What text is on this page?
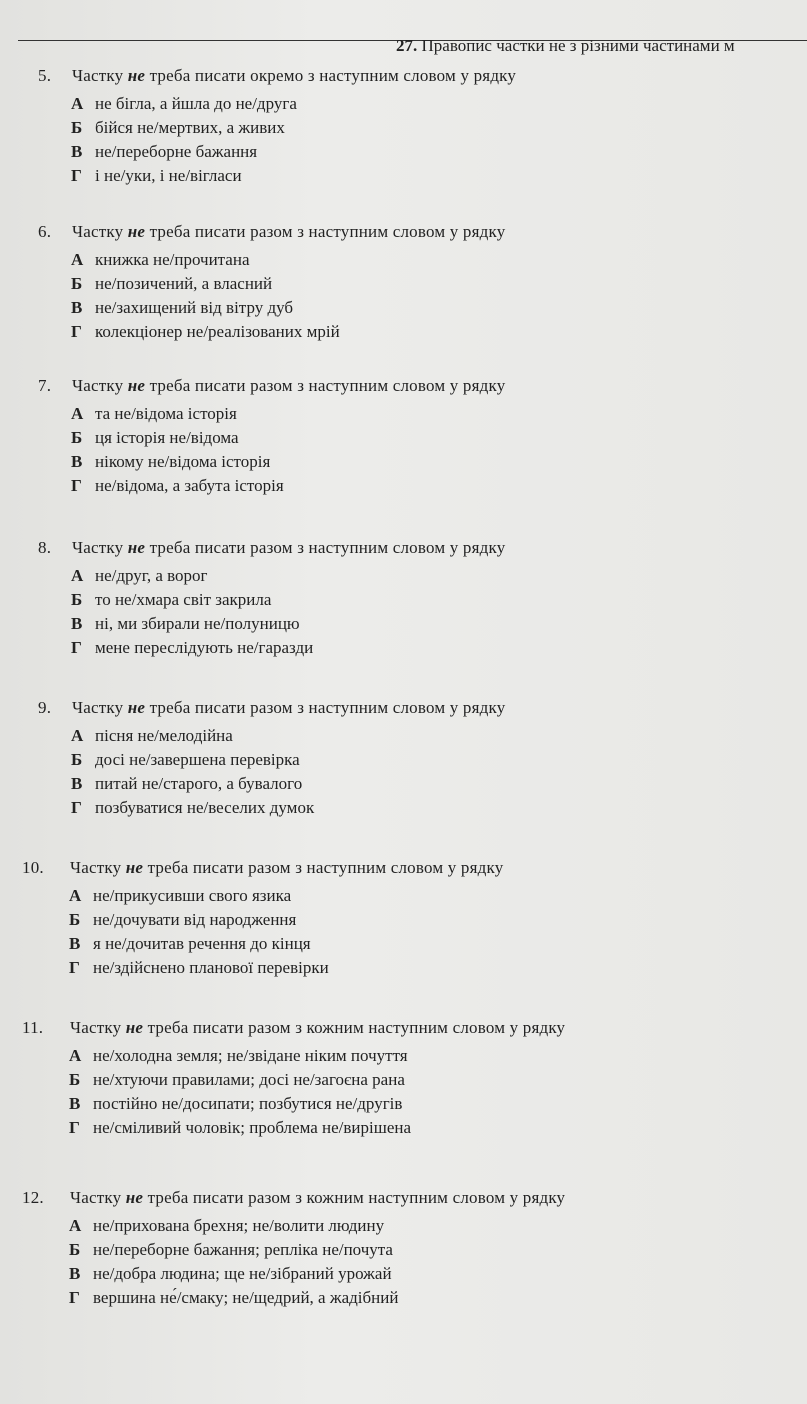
27. Правопис частки не з різними частинами м
5.	Частку не треба писати окремо з наступним словом у рядку
А не бігла, а йшла до не/друга
Б бійся не/мертвих, а живих
В не/переборне бажання
Г і не/уки, і не/вігласи
6.	Частку не треба писати разом з наступним словом у рядку
А книжка не/прочитана
Б не/позичений, а власний
В не/захищений від вітру дуб
Г колекціонер не/реалізованих мрій
7.	Частку не треба писати разом з наступним словом у рядку
А та не/відома історія
Б ця історія не/відома
В нікому не/відома історія
Г не/відома, а забута історія
8.	Частку не треба писати разом з наступним словом у рядку
А не/друг, а ворог
Б то не/хмара світ закрила
В ні, ми збирали не/полуницю
Г мене переслідують не/гаразди
9.	Частку не треба писати разом з наступним словом у рядку
А пісня не/мелодійна
Б досі не/завершена перевірка
В питай не/старого, а бувалого
Г позбуватися не/веселих думок
10.	Частку не треба писати разом з наступним словом у рядку
А не/прикусивши свого язика
Б не/дочувати від народження
В я не/дочитав речення до кінця
Г не/здійснено планової перевірки
11.	Частку не треба писати разом з кожним наступним словом у рядку
А не/холодна земля; не/звідане ніким почуття
Б не/хтуючи правилами; досі не/загоєна рана
В постійно не/досипати; позбутися не/другів
Г не/сміливий чоловік; проблема не/вирішена
12.	Частку не треба писати разом з кожним наступним словом у рядку
А не/прихована брехня; не/волити людину
Б не/переборне бажання; репліка не/почута
В не/добра людина; ще не/зібраний урожай
Г вершина не́/смаку; не/щедрий, а жадібний
